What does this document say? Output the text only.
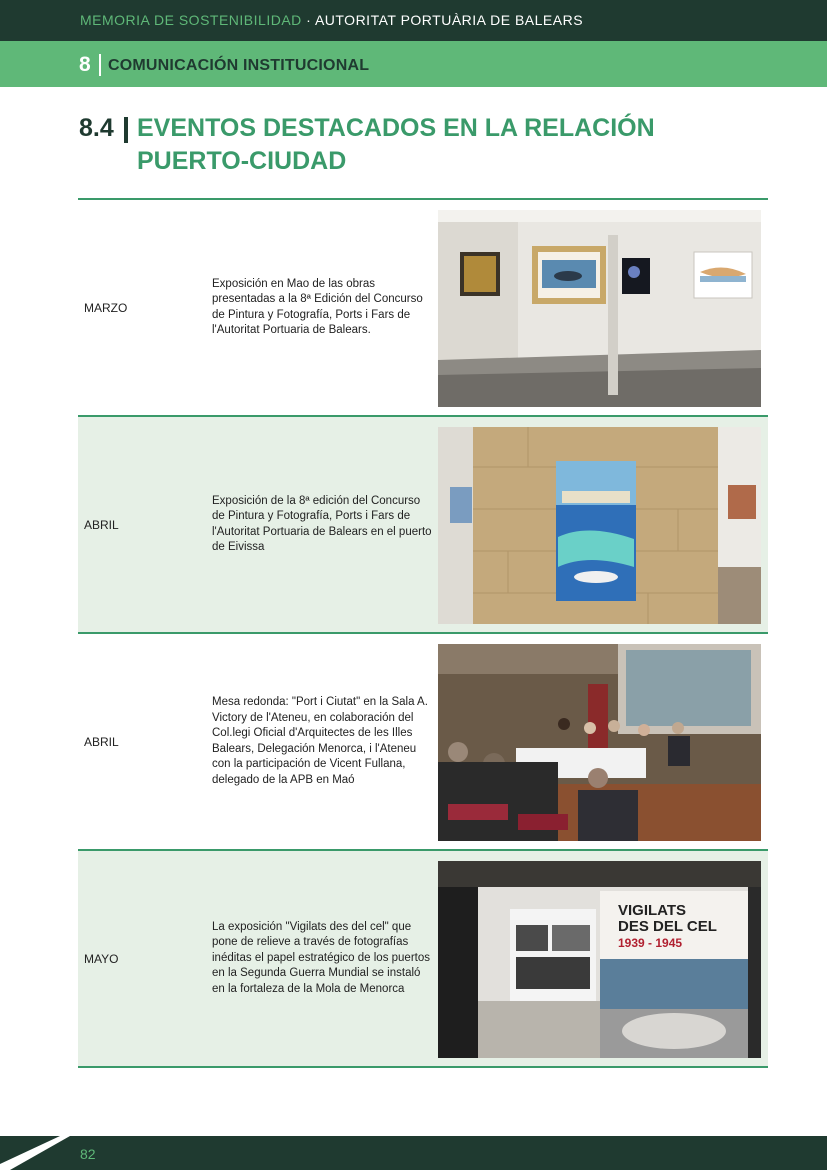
MEMORIA DE SOSTENIBILIDAD · AUTORITAT PORTUÀRIA DE BALEARS
8 COMUNICACIÓN INSTITUCIONAL
8.4 EVENTOS DESTACADOS EN LA RELACIÓN
PUERTO-CIUDAD
MARZO
Exposición en Mao de las obras presentadas a la 8ª Edición del Concurso de Pintura y Fotografía, Ports i Fars de l'Autoritat Portuaria de Balears.
ABRIL
Exposición de la 8ª edición del Concurso de Pintura y Fotografía, Ports i Fars de l'Autoritat Portuaria de Balears en el puerto de Eivissa
ABRIL
Mesa redonda: "Port i Ciutat" en la Sala A. Victory de l'Ateneu, en colaboración del Col.legi Oficial d'Arquitectes de les Illes Balears, Delegación Menorca, i l'Ateneu con la participación de Vicent Fullana, delegado de la APB en Maó
MAYO
La exposición "Vigilats des del cel" que pone de relieve a través de fotografías inéditas el papel estratégico de los puertos en la Segunda Guerra Mundial se instaló en la fortaleza de la Mola de Menorca
VIGILATS
DES DEL CEL
1939 - 1945
82
